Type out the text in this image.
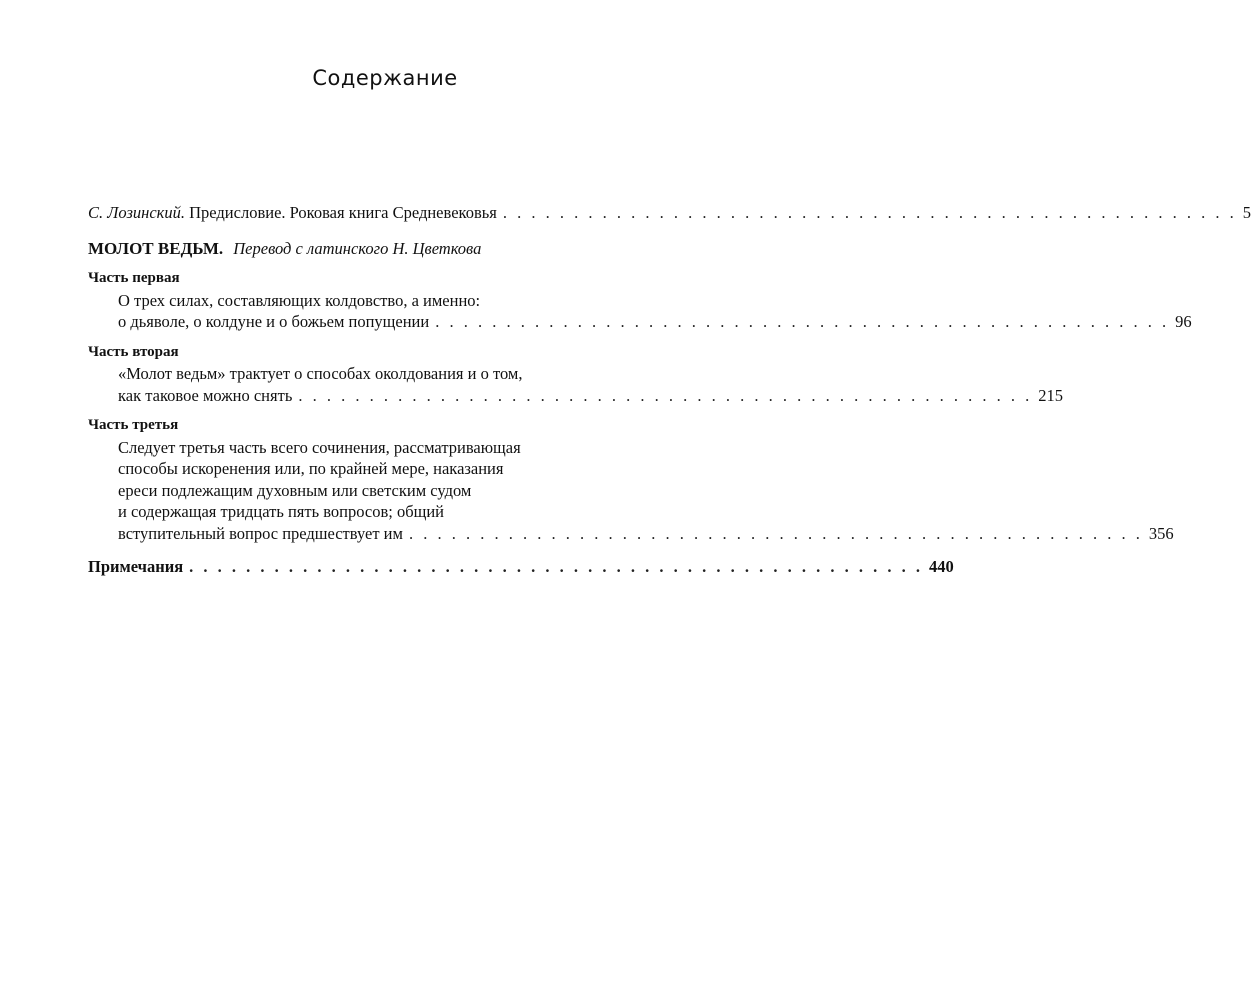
Содержание
С. Лозинский. Предисловие. Роковая книга Средневековья . . . . . . . . . . . . . . . . . . . . . . . . . . . . . . . . . . . . . . . . . . . . . . . . . . . . 5
МОЛОТ ВЕДЬМ. Перевод с латинского Н. Цветкова
Часть первая
О трех силах, составляющих колдовство, а именно:
о дьяволе, о колдуне и о божьем попущении . . . . . . . . . . . . . . . . . . . . . . . . . . . . . . . . . . . . . . . . . . . . . . . . . . . . 96
Часть вторая
«Молот ведьм» трактует о способах околдования и о том,
как таковое можно снять . . . . . . . . . . . . . . . . . . . . . . . . . . . . . . . . . . . . . . . . . . . . . . . . . . . . 215
Часть третья
Следует третья часть всего сочинения, рассматривающая
способы искоренения или, по крайней мере, наказания
ереси подлежащим духовным или светским судом
и содержащая тридцать пять вопросов; общий
вступительный вопрос предшествует им . . . . . . . . . . . . . . . . . . . . . . . . . . . . . . . . . . . . . . . . . . . . . . . . . . . . 356
Примечания . . . . . . . . . . . . . . . . . . . . . . . . . . . . . . . . . . . . . . . . . . . . . . . . . . . . 440
